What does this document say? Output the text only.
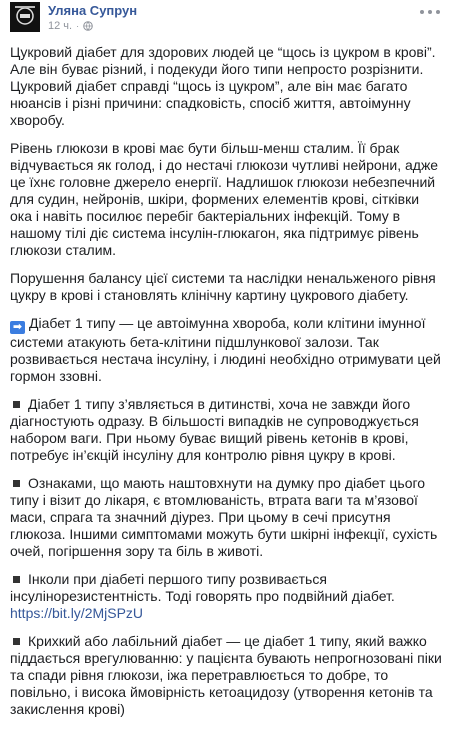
Уляна Супрун
12 ч. ·

Цукровий діабет для здорових людей це “щось із цукром в крові”. Але він буває різний, і подекуди його типи непросто розрізнити. Цукровий діабет справді “щось із цукром”, але він має багато нюансів і різні причини: спадковість, спосіб життя, автоімунну хворобу.

Рівень глюкози в крові має бути більш-менш сталим. Її брак відчувається як голод, і до нестачі глюкози чутливі нейрони, адже це їхнє головне джерело енергії. Надлишок глюкози небезпечний для судин, нейронів, шкіри, формених елементів крові, сітківки ока і навіть посилює перебіг бактеріальних інфекцій. Тому в нашому тілі діє система інсулін-глюкагон, яка підтримує рівень глюкози сталим.

Порушення балансу цієї системи та наслідки ненальженого рівня цукру в крові і становлять клінічну картину цукрового діабету.

➡ Діабет 1 типу — це автоімунна хвороба, коли клітини імунної системи атакують бета-клітини підшлункової залози. Так розвивається нестача інсуліну, і людині необхідно отримувати цей гормон ззовні.

Діабет 1 типу з’являється в дитинстві, хоча не завжди його діагностують одразу. В більшості випадків не супроводжується набором ваги. При ньому буває вищий рівень кетонів в крові, потребує ін’єкцій інсуліну для контролю рівня цукру в крові.

Ознаками, що мають наштовхнути на думку про діабет цього типу і візит до лікаря, є втомлюваність, втрата ваги та м’язової маси, спрага та значний діурез. При цьому в сечі присутня глюкоза. Іншими симптомами можуть бути шкірні інфекції, сухість очей, погіршення зору та біль в животі.

Інколи при діабеті першого типу розвивається інсулінорезистентність. Тоді говорять про подвійний діабет.
https://bit.ly/2MjSPzU

Крихкий або лабільний діабет — це діабет 1 типу, який важко піддається врегулюванню: у пацієнта бувають непрогнозовані піки та спади рівня глюкози, іжа перетравлюється то добре, то повільно, і висока ймовірність кетоацидозу (утворення кетонів та закислення крові)
